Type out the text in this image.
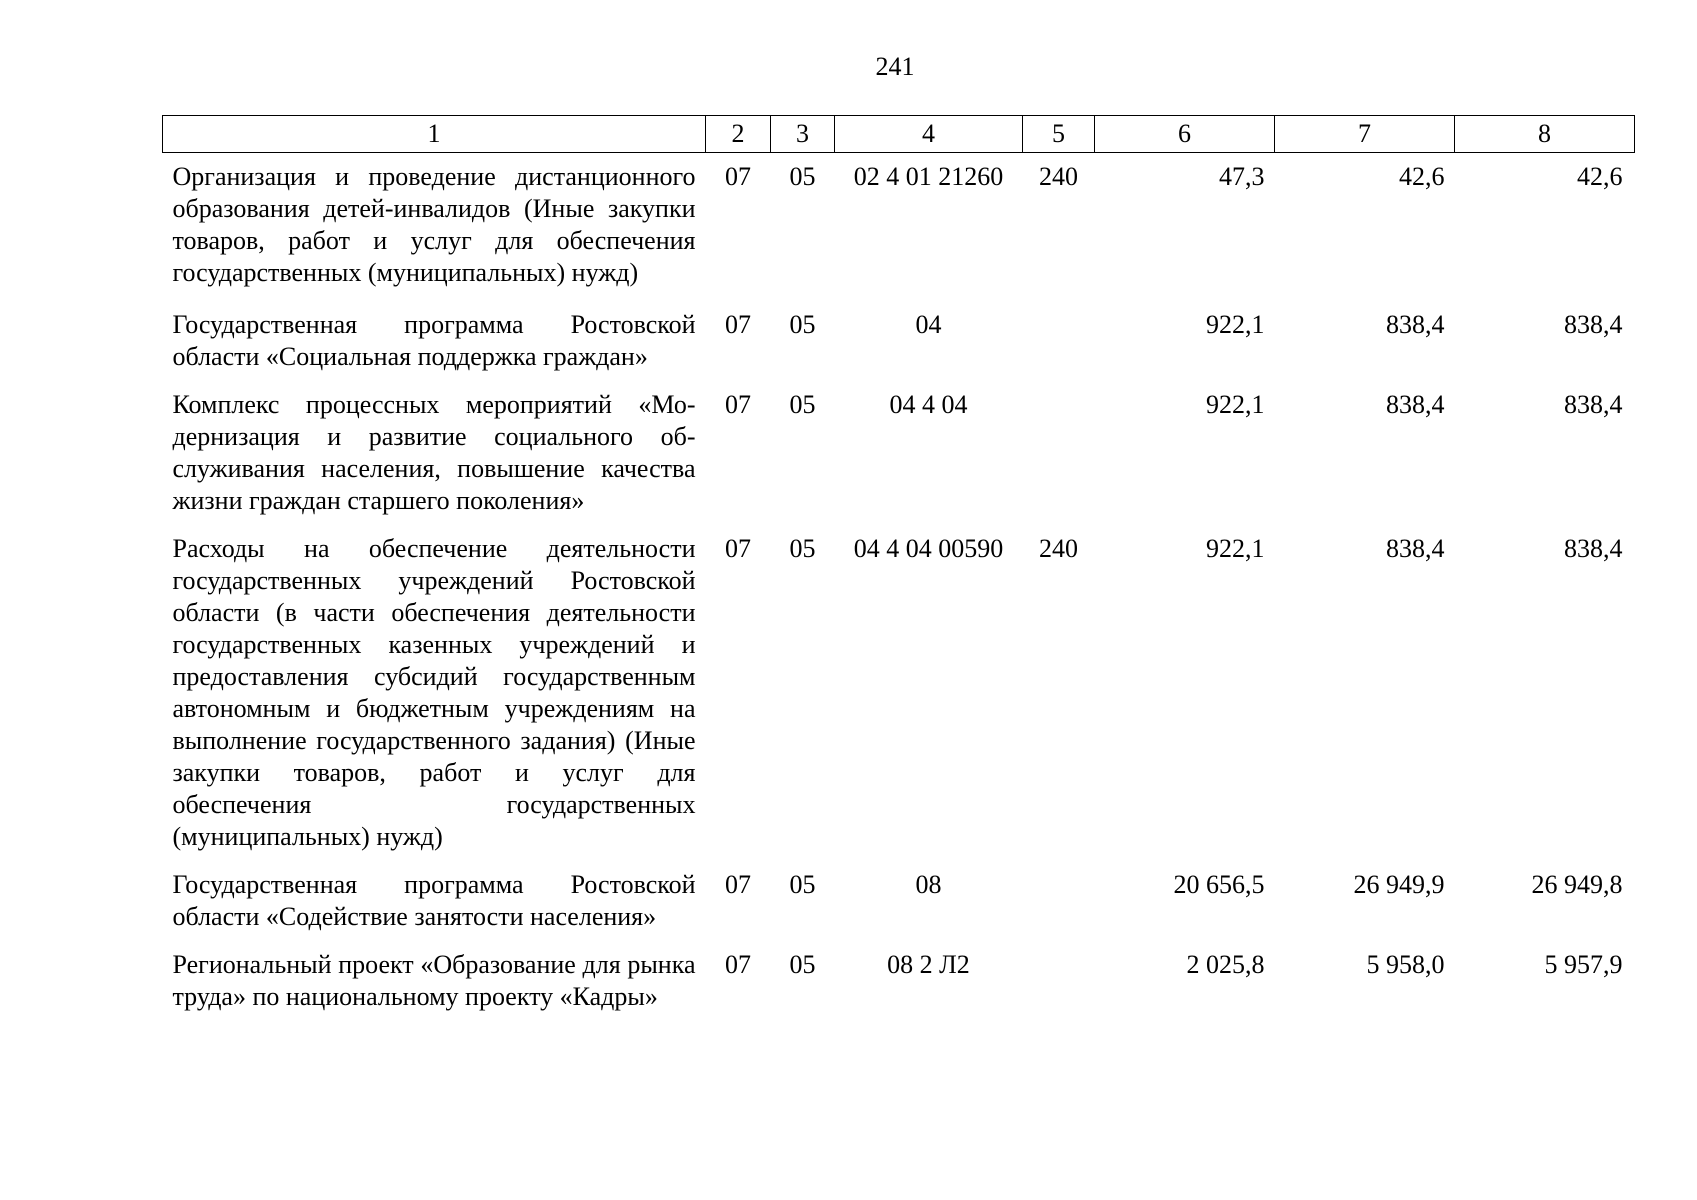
241
1	2	3	4	5	6	7	8
Организация и проведение дистанционного образования детей-инвалидов (Иные закупки товаров, работ и услуг для обеспечения государственных (муниципальных) нужд)	07	05	02 4 01 21260	240	47,3	42,6	42,6
Государственная программа Ростовской области «Социальная поддержка граждан»	07	05	04		922,1	838,4	838,4
Комплекс процессных мероприятий «Модернизация и развитие социального обслуживания населения, повышение качества жизни граждан старшего поколения»	07	05	04 4 04		922,1	838,4	838,4
Расходы на обеспечение деятельности государственных учреждений Ростовской области (в части обеспечения деятельности государственных казенных учреждений и предоставления субсидий государственным автономным и бюджетным учреждениям на выполнение государственного задания) (Иные закупки товаров, работ и услуг для обеспечения государственных (муниципальных) нужд)	07	05	04 4 04 00590	240	922,1	838,4	838,4
Государственная программа Ростовской области «Содействие занятости населения»	07	05	08		20 656,5	26 949,9	26 949,8
Региональный проект «Образование для рынка труда» по национальному проекту «Кадры»	07	05	08 2 Л2		2 025,8	5 958,0	5 957,9
